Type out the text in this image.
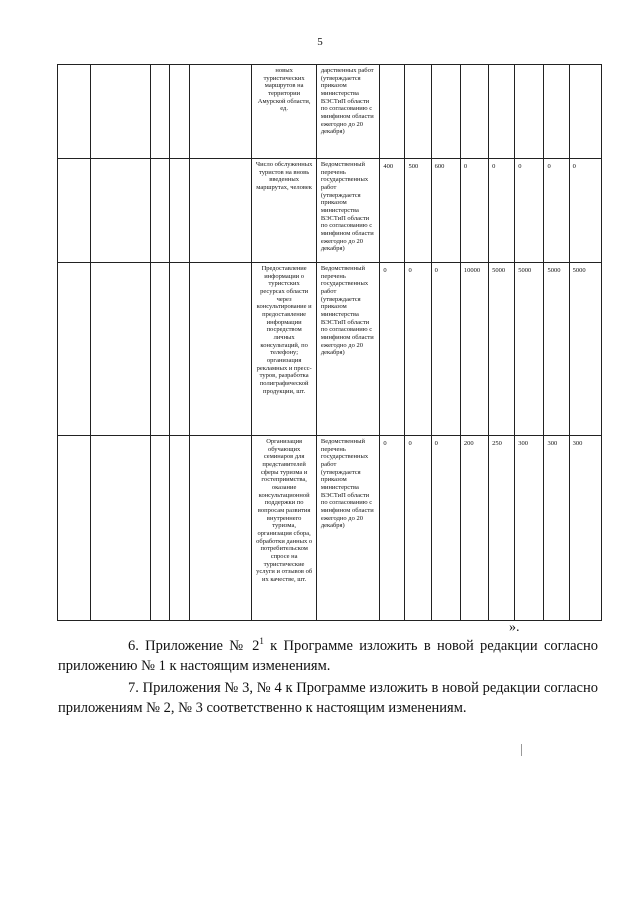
5
					новых туристических маршрутов на территории Амурской области, ед.	дарственных работ (утверждается приказом министерства ВЭСТиП области по согласованию с минфином области ежегодно до 20 декабря)								
					Число обслуженных туристов на вновь введенных маршрутах, человек	Ведомственный перечень государственных работ (утверждается приказом министерства ВЭСТиП области по согласованию с минфином области ежегодно до 20 декабря)	400	500	600	0	0	0	0	0
					Предоставление информации о туристских ресурсах области через консультирование и предоставление информации посредством личных консультаций, по телефону; организация рекламных и пресс-туров, разработка полиграфической продукции, шт.	Ведомственный перечень государственных работ (утверждается приказом министерства ВЭСТиП области по согласованию с минфином области ежегодно до 20 декабря)	0	0	0	10000	5000	5000	5000	5000
					Организация обучающих семинаров для представителей сферы туризма и гостеприимства, оказание консультационной поддержки по вопросам развития внутреннего туризма, организация сбора, обработки данных о потребительском спросе на туристические услуги и отзывов об их качестве, шт.	Ведомственный перечень государственных работ (утверждается приказом министерства ВЭСТиП области по согласованию с минфином области ежегодно до 20 декабря)	0	0	0	200	250	300	300	300
».
6. Приложение № $2^1$ к Программе изложить в новой редакции согласно приложению № 1 к настоящим изменениям.
7. Приложения № 3, № 4 к Программе изложить в новой редакции согласно приложениям № 2, № 3 соответственно к настоящим изменениям.
